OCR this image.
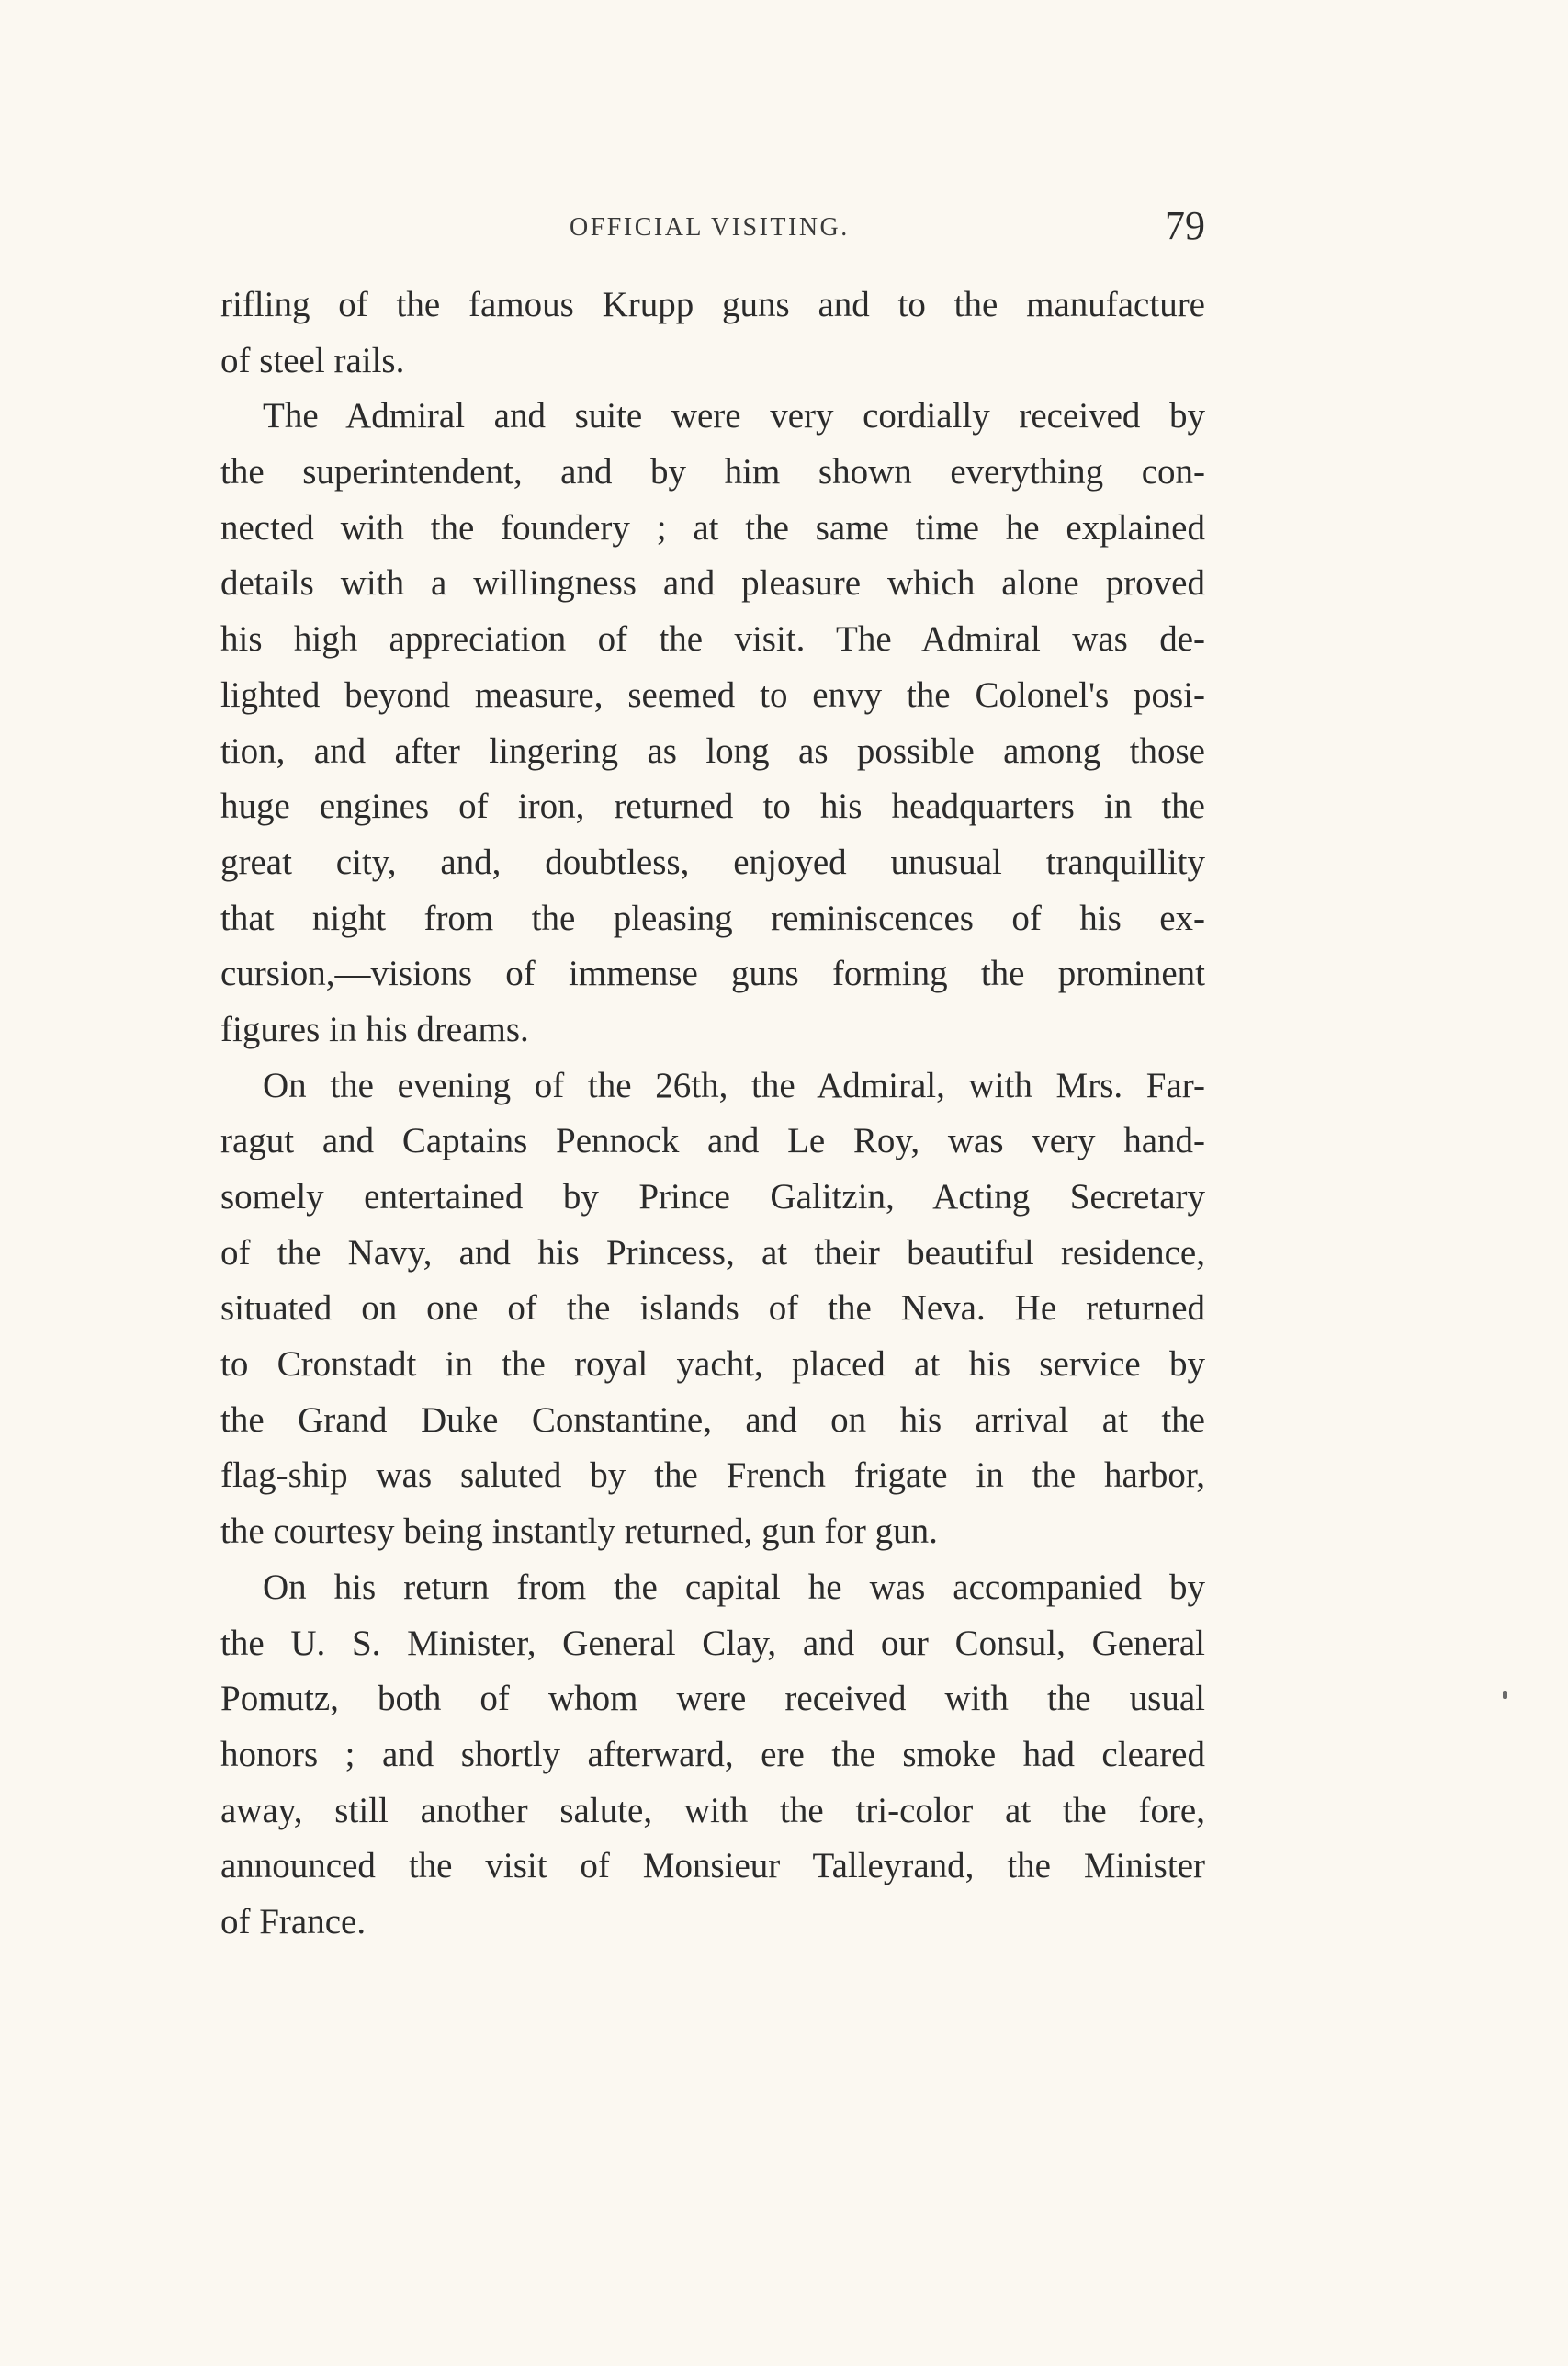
OFFICIAL VISITING.	79
rifling of the famous Krupp guns and to the manufacture
of steel rails.
The Admiral and suite were very cordially received by
the superintendent, and by him shown everything con-
nected with the foundery ; at the same time he explained
details with a willingness and pleasure which alone proved
his high appreciation of the visit. The Admiral was de-
lighted beyond measure, seemed to envy the Colonel's posi-
tion, and after lingering as long as possible among those
huge engines of iron, returned to his headquarters in the
great city, and, doubtless, enjoyed unusual tranquillity
that night from the pleasing reminiscences of his ex-
cursion,—visions of immense guns forming the prominent
figures in his dreams.
On the evening of the 26th, the Admiral, with Mrs. Far-
ragut and Captains Pennock and Le Roy, was very hand-
somely entertained by Prince Galitzin, Acting Secretary
of the Navy, and his Princess, at their beautiful residence,
situated on one of the islands of the Neva. He returned
to Cronstadt in the royal yacht, placed at his service by
the Grand Duke Constantine, and on his arrival at the
flag-ship was saluted by the French frigate in the harbor,
the courtesy being instantly returned, gun for gun.
On his return from the capital he was accompanied by
the U. S. Minister, General Clay, and our Consul, General
Pomutz, both of whom were received with the usual
honors ; and shortly afterward, ere the smoke had cleared
away, still another salute, with the tri-color at the fore,
announced the visit of Monsieur Talleyrand, the Minister
of France.
